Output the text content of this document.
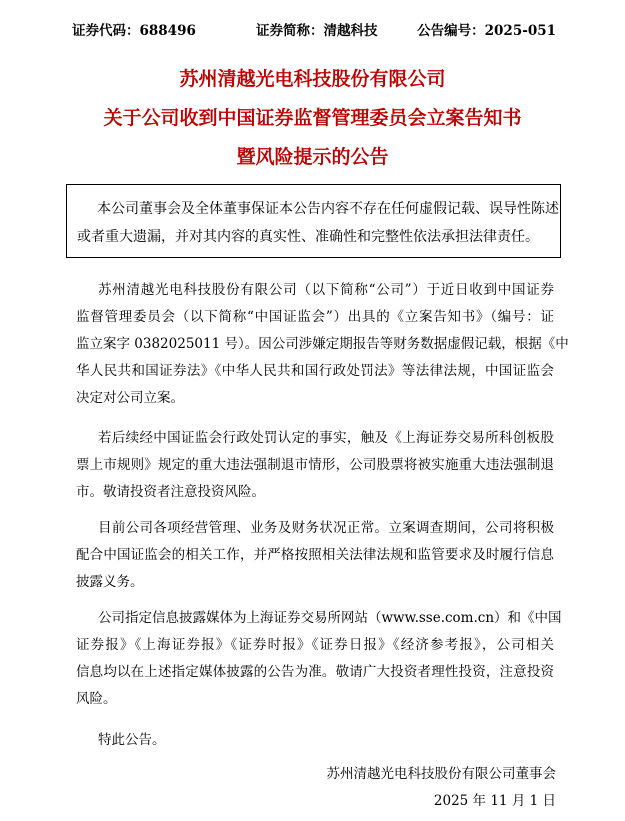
证券代码：688496	证券简称：清越科技	公告编号：2025-051
苏州清越光电科技股份有限公司
关于公司收到中国证券监督管理委员会立案告知书
暨风险提示的公告
本公司董事会及全体董事保证本公告内容不存在任何虚假记载、误导性陈述
或者重大遗漏，并对其内容的真实性、准确性和完整性依法承担法律责任。
苏州清越光电科技股份有限公司（以下简称“公司”）于近日收到中国证券
监督管理委员会（以下简称“中国证监会”）出具的《立案告知书》（编号：证
监立案字 0382025011 号）。因公司涉嫌定期报告等财务数据虚假记载，根据《中
华人民共和国证券法》《中华人民共和国行政处罚法》等法律法规，中国证监会
决定对公司立案。
若后续经中国证监会行政处罚认定的事实，触及《上海证券交易所科创板股
票上市规则》规定的重大违法强制退市情形，公司股票将被实施重大违法强制退
市。敬请投资者注意投资风险。
目前公司各项经营管理、业务及财务状况正常。立案调查期间，公司将积极
配合中国证监会的相关工作，并严格按照相关法律法规和监管要求及时履行信息
披露义务。
公司指定信息披露媒体为上海证券交易所网站（www.sse.com.cn）和《中国
证券报》《上海证券报》《证券时报》《证券日报》《经济参考报》，公司相关
信息均以在上述指定媒体披露的公告为准。敬请广大投资者理性投资，注意投资
风险。
特此公告。
苏州清越光电科技股份有限公司董事会
2025 年 11 月 1 日
